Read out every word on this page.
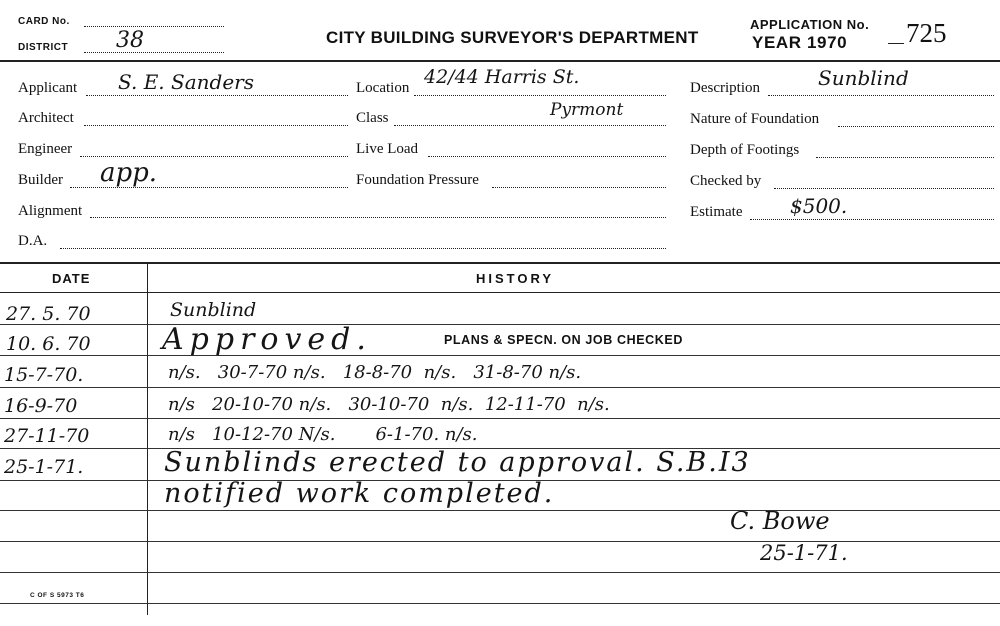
CARD No.
DISTRICT 38	CITY BUILDING SURVEYOR'S DEPARTMENT
APPLICATION No.
YEAR 1970 725
Applicant S. E. Sanders
Architect
Engineer
Builder app.
Alignment
D.A.
Location 42/44 Harris St.
Class	Pyrmont
Live Load
Foundation Pressure
Description	Sunblind
Nature of Foundation
Depth of Footings
Checked by
Estimate $500.
DATE	HISTORY
27. 5. 70	Sunblind
10. 6. 70 Approved.	PLANS & SPECN. ON JOB CHECKED
15-7-70.	n/s.   30-7-70 n/s.   18-8-70  n/s.   31-8-70 n/s.
16-9-70	n/s   20-10-70 n/s.   30-10-70  n/s.  12-11-70  n/s.
27-11-70	n/s   10-12-70 N/s.       6-1-70. n/s.
25-1-71.	Sunblinds erected to approval. S.B.I3
notified work completed.
C. Bowe
25-1-71.
C OF S 5973 T6
